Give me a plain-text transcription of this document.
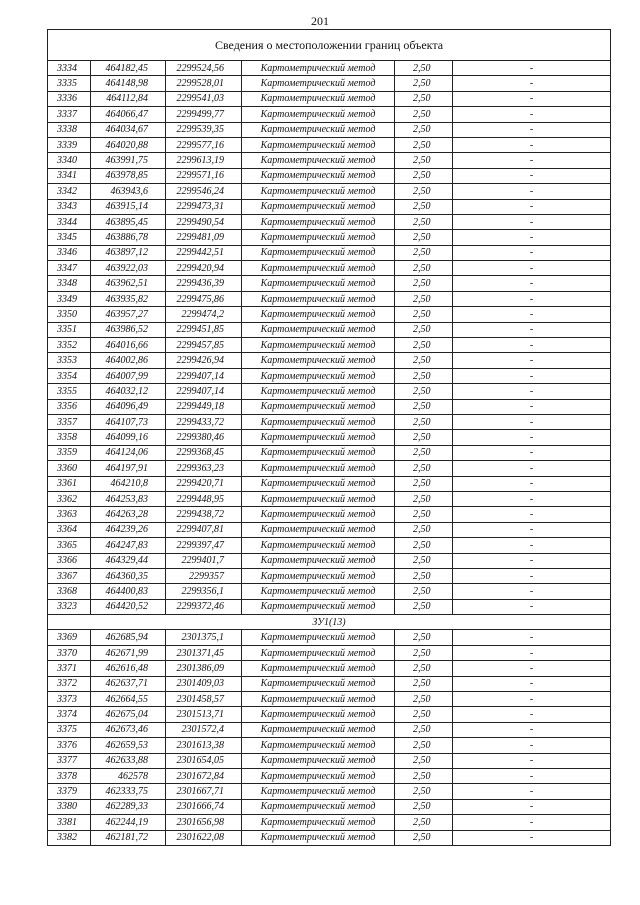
201
Сведения о местоположении границ объекта					
3334	464182,45	2299524,56	Картометрический метод	2,50	-
3335	464148,98	2299528,01	Картометрический метод	2,50	-
3336	464112,84	2299541,03	Картометрический метод	2,50	-
3337	464066,47	2299499,77	Картометрический метод	2,50	-
3338	464034,67	2299539,35	Картометрический метод	2,50	-
3339	464020,88	2299577,16	Картометрический метод	2,50	-
3340	463991,75	2299613,19	Картометрический метод	2,50	-
3341	463978,85	2299571,16	Картометрический метод	2,50	-
3342	463943,6	2299546,24	Картометрический метод	2,50	-
3343	463915,14	2299473,31	Картометрический метод	2,50	-
3344	463895,45	2299490,54	Картометрический метод	2,50	-
3345	463886,78	2299481,09	Картометрический метод	2,50	-
3346	463897,12	2299442,51	Картометрический метод	2,50	-
3347	463922,03	2299420,94	Картометрический метод	2,50	-
3348	463962,51	2299436,39	Картометрический метод	2,50	-
3349	463935,82	2299475,86	Картометрический метод	2,50	-
3350	463957,27	2299474,2	Картометрический метод	2,50	-
3351	463986,52	2299451,85	Картометрический метод	2,50	-
3352	464016,66	2299457,85	Картометрический метод	2,50	-
3353	464002,86	2299426,94	Картометрический метод	2,50	-
3354	464007,99	2299407,14	Картометрический метод	2,50	-
3355	464032,12	2299407,14	Картометрический метод	2,50	-
3356	464096,49	2299449,18	Картометрический метод	2,50	-
3357	464107,73	2299433,72	Картометрический метод	2,50	-
3358	464099,16	2299380,46	Картометрический метод	2,50	-
3359	464124,06	2299368,45	Картометрический метод	2,50	-
3360	464197,91	2299363,23	Картометрический метод	2,50	-
3361	464210,8	2299420,71	Картометрический метод	2,50	-
3362	464253,83	2299448,95	Картометрический метод	2,50	-
3363	464263,28	2299438,72	Картометрический метод	2,50	-
3364	464239,26	2299407,81	Картометрический метод	2,50	-
3365	464247,83	2299397,47	Картометрический метод	2,50	-
3366	464329,44	2299401,7	Картометрический метод	2,50	-
3367	464360,35	2299357	Картометрический метод	2,50	-
3368	464400,83	2299356,1	Картометрический метод	2,50	-
3323	464420,52	2299372,46	Картометрический метод	2,50	-
ЗУ1(13)					
3369	462685,94	2301375,1	Картометрический метод	2,50	-
3370	462671,99	2301371,45	Картометрический метод	2,50	-
3371	462616,48	2301386,09	Картометрический метод	2,50	-
3372	462637,71	2301409,03	Картометрический метод	2,50	-
3373	462664,55	2301458,57	Картометрический метод	2,50	-
3374	462675,04	2301513,71	Картометрический метод	2,50	-
3375	462673,46	2301572,4	Картометрический метод	2,50	-
3376	462659,53	2301613,38	Картометрический метод	2,50	-
3377	462633,88	2301654,05	Картометрический метод	2,50	-
3378	462578	2301672,84	Картометрический метод	2,50	-
3379	462333,75	2301667,71	Картометрический метод	2,50	-
3380	462289,33	2301666,74	Картометрический метод	2,50	-
3381	462244,19	2301656,98	Картометрический метод	2,50	-
3382	462181,72	2301622,08	Картометрический метод	2,50	-
